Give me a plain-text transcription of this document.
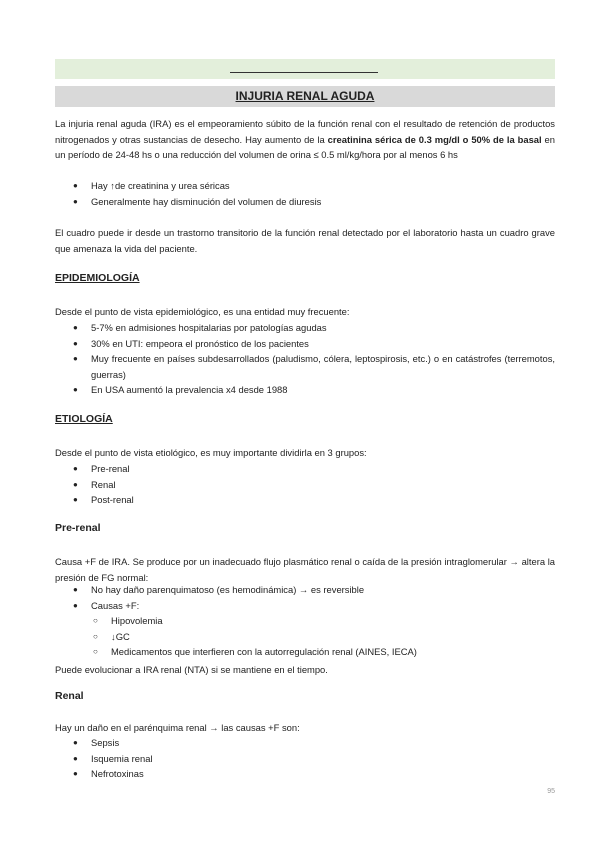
INJURIA RENAL AGUDA

La injuria renal aguda (IRA) es el empeoramiento súbito de la función renal con el resultado de retención de productos nitrogenados y otras sustancias de desecho. Hay aumento de la creatinina sérica de 0.3 mg/dl o 50% de la basal en un período de 24-48 hs o una reducción del volumen de orina ≤ 0.5 ml/kg/hora por al menos 6 hs

● Hay ↑de creatinina y urea séricas
● Generalmente hay disminución del volumen de diuresis

El cuadro puede ir desde un trastorno transitorio de la función renal detectado por el laboratorio hasta un cuadro grave que amenaza la vida del paciente.

EPIDEMIOLOGÍA

Desde el punto de vista epidemiológico, es una entidad muy frecuente:

● 5-7% en admisiones hospitalarias por patologías agudas
● 30% en UTI: empeora el pronóstico de los pacientes
● Muy frecuente en países subdesarrollados (paludismo, cólera, leptospirosis, etc.) o en catástrofes (terremotos, guerras)
● En USA aumentó la prevalencia x4 desde 1988
ETIOLOGÍA

Desde el punto de vista etiológico, es muy importante dividirla en 3 grupos:

● Pre-renal
● Renal
● Post-renal
Pre-renal

Causa +F de IRA. Se produce por un inadecuado flujo plasmático renal o caída de la presión intraglomerular → altera la presión de FG normal:

● No hay daño parenquimatoso (es hemodinámica) → es reversible
● Causas +F:
○ Hipovolemia
○ ↓GC
○ Medicamentos que interfieren con la autorregulación renal (AINES, IECA)

Puede evolucionar a IRA renal (NTA) si se mantiene en el tiempo.

Renal

Hay un daño en el parénquima renal → las causas +F son:

● Sepsis
● Isquemia renal
● Nefrotoxinas
95
